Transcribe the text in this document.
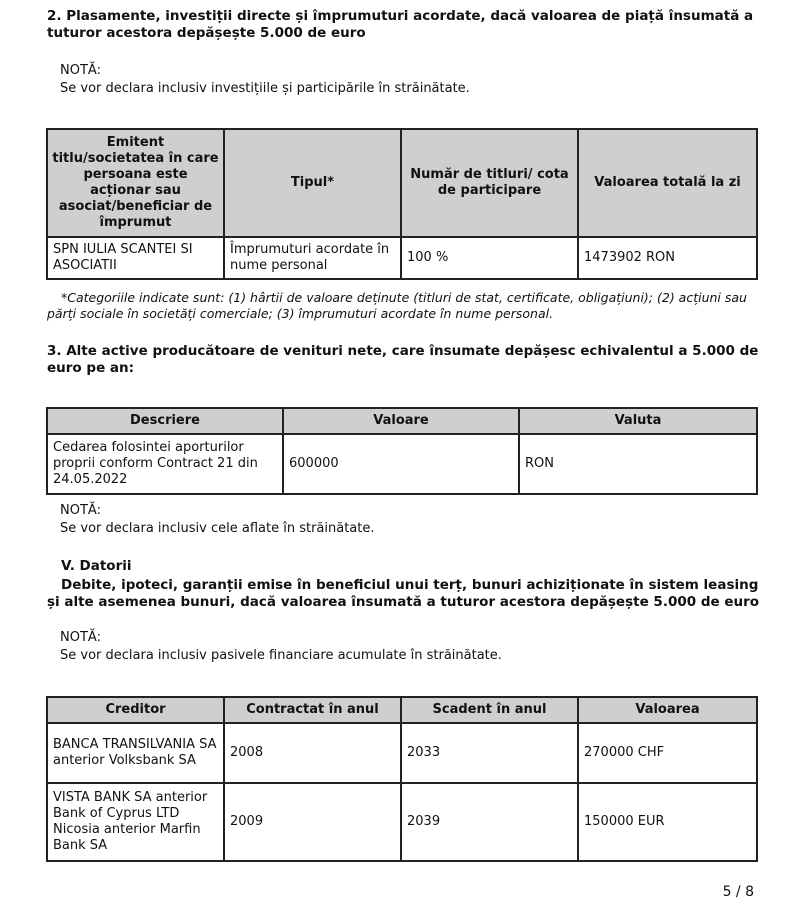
2. Plasamente, investiții directe și împrumuturi acordate, dacă valoarea de piață însumată a tuturor acestora depășește 5.000 de euro
NOTĂ:
Se vor declara inclusiv investițiile și participările în străinătate.
Emitent titlu/societatea în care persoana este acționar sau asociat/beneficiar de împrumut	Tipul*	Număr de titluri/ cota de participare	Valoarea totală la zi
SPN IULIA SCANTEI SI ASOCIATII	Împrumuturi acordate în nume personal	100 %	1473902 RON
*Categoriile indicate sunt: (1) hârtii de valoare deținute (titluri de stat, certificate, obligațiuni); (2) acțiuni sau părți sociale în societăți comerciale; (3) împrumuturi acordate în nume personal.
3. Alte active producătoare de venituri nete, care însumate depășesc echivalentul a 5.000 de euro pe an:
Descriere	Valoare	Valuta
Cedarea folosintei aporturilor proprii conform Contract 21 din 24.05.2022	600000	RON
NOTĂ:
Se vor declara inclusiv cele aflate în străinătate.
V. Datorii
Debite, ipoteci, garanții emise în beneficiul unui terț, bunuri achiziționate în sistem leasing și alte asemenea bunuri, dacă valoarea însumată a tuturor acestora depășește 5.000 de euro
NOTĂ:
Se vor declara inclusiv pasivele financiare acumulate în străinătate.
Creditor	Contractat în anul	Scadent în anul	Valoarea
BANCA TRANSILVANIA SA anterior Volksbank SA	2008	2033	270000 CHF
VISTA BANK SA anterior Bank of Cyprus LTD Nicosia anterior Marfin Bank SA	2009	2039	150000 EUR
5 / 8
